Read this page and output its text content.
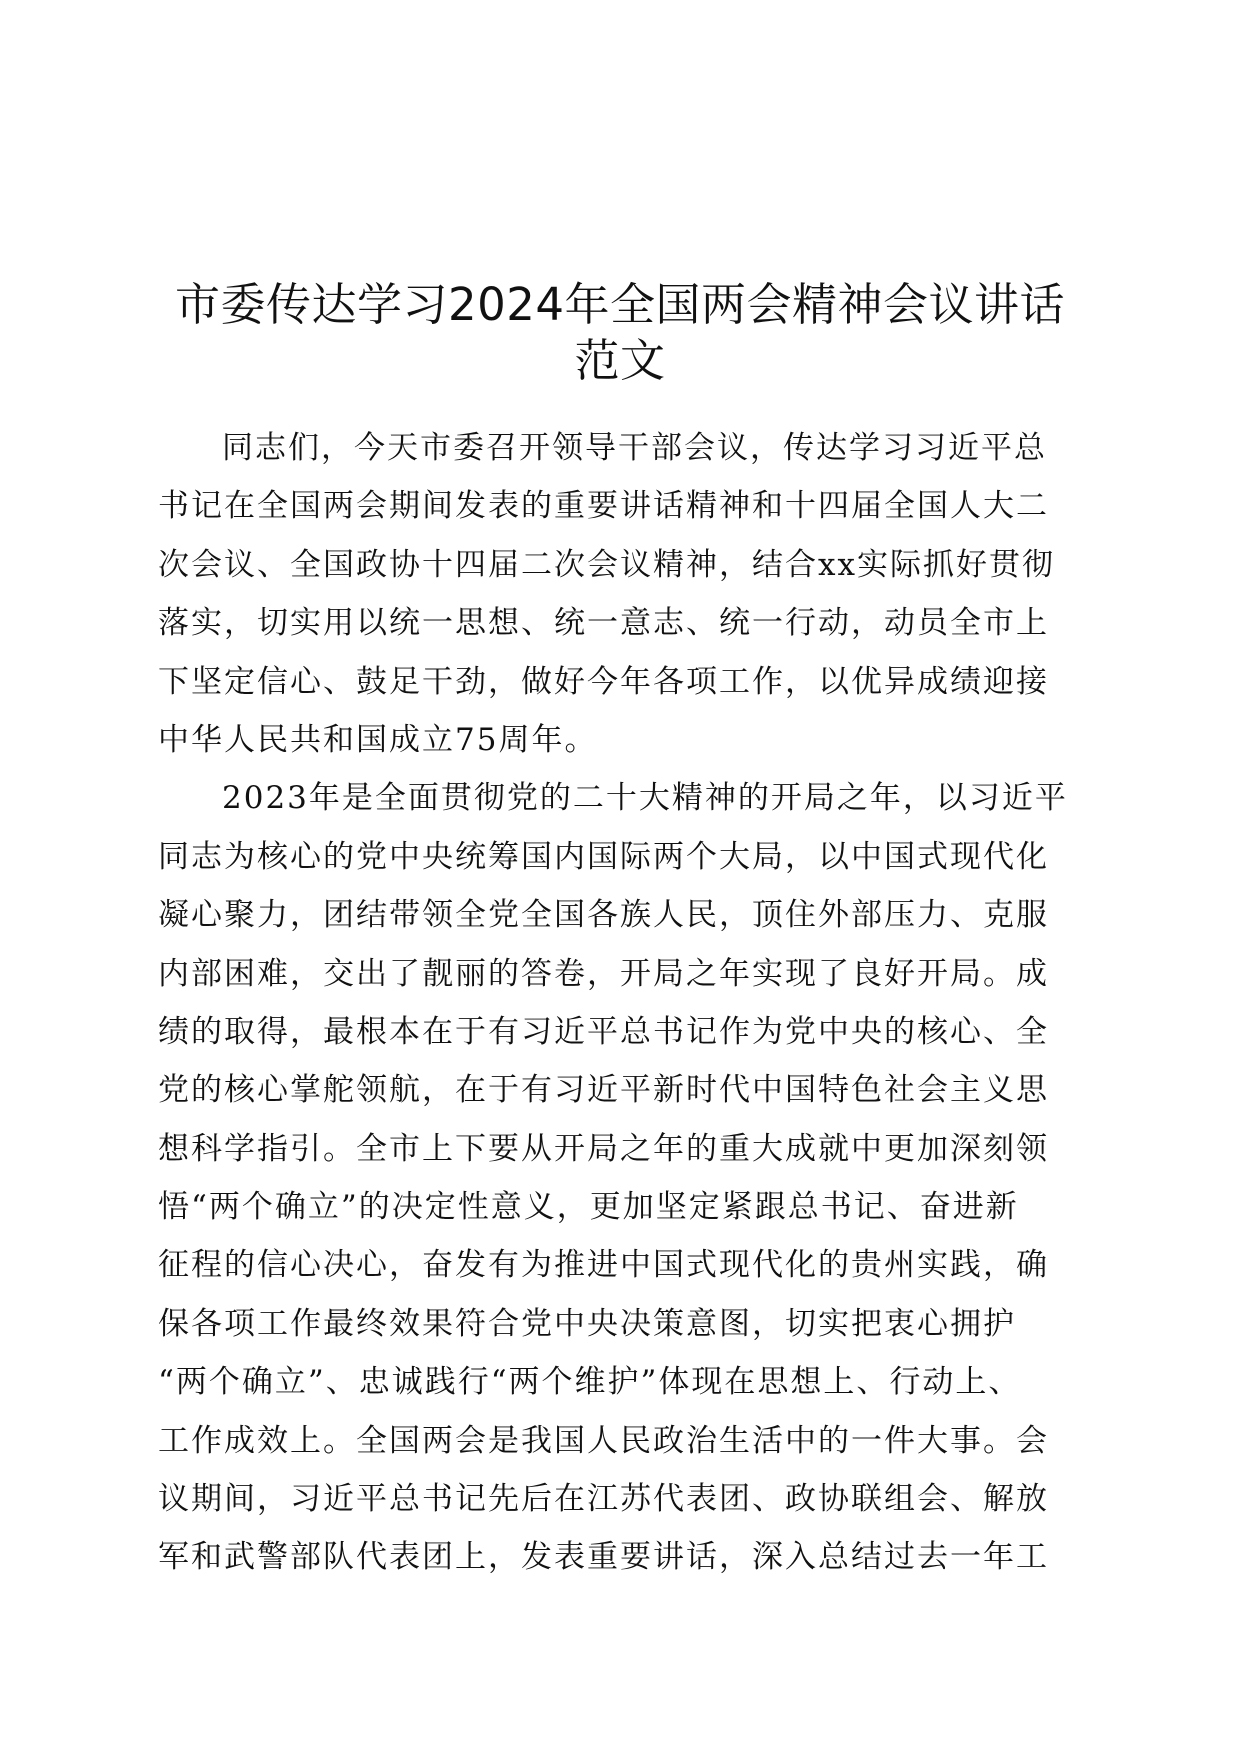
市委传达学习2024年全国两会精神会议讲话
范文
同志们，今天市委召开领导干部会议，传达学习习近平总
书记在全国两会期间发表的重要讲话精神和十四届全国人大二
次会议、全国政协十四届二次会议精神，结合xx实际抓好贯彻
落实，切实用以统一思想、统一意志、统一行动，动员全市上
下坚定信心、鼓足干劲，做好今年各项工作，以优异成绩迎接
中华人民共和国成立75周年。
2023年是全面贯彻党的二十大精神的开局之年，以习近平
同志为核心的党中央统筹国内国际两个大局，以中国式现代化
凝心聚力，团结带领全党全国各族人民，顶住外部压力、克服
内部困难，交出了靓丽的答卷，开局之年实现了良好开局。成
绩的取得，最根本在于有习近平总书记作为党中央的核心、全
党的核心掌舵领航，在于有习近平新时代中国特色社会主义思
想科学指引。全市上下要从开局之年的重大成就中更加深刻领
悟“两个确立”的决定性意义，更加坚定紧跟总书记、奋进新
征程的信心决心，奋发有为推进中国式现代化的贵州实践，确
保各项工作最终效果符合党中央决策意图，切实把衷心拥护
“两个确立”、忠诚践行“两个维护”体现在思想上、行动上、
工作成效上。全国两会是我国人民政治生活中的一件大事。会
议期间，习近平总书记先后在江苏代表团、政协联组会、解放
军和武警部队代表团上，发表重要讲话，深入总结过去一年工
